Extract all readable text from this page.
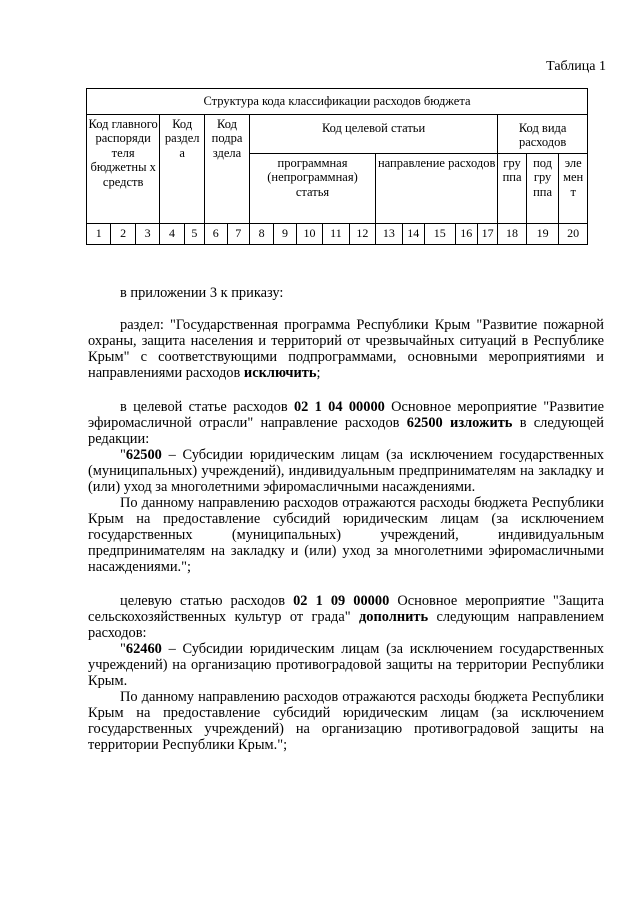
Таблица 1
Структура кода классификации расходов бюджета																			
Код главного распоряди теля бюджетны х средств			Код раздел а		Код подра здела		Код целевой статьи										Код вида расходов		
							программная (непрограммная) статья					направление расходов					гру ппа	под гру ппа	эле мен т
1	2	3	4	5	6	7	8	9	10	11	12	13	14	15	16	17	18	19	20

в приложении 3 к приказу:

раздел: "Государственная программа Республики Крым "Развитие пожарной охраны, защита населения и территорий от чрезвычайных ситуаций в Республике Крым" с соответствующими подпрограммами, основными мероприятиями и направлениями расходов исключить;

в целевой статье расходов 02 1 04 00000 Основное мероприятие "Развитие эфиромасличной отрасли" направление расходов 62500 изложить в следующей редакции:

"62500 – Субсидии юридическим лицам (за исключением государственных (муниципальных) учреждений), индивидуальным предпринимателям на закладку и (или) уход за многолетними эфиромасличными насаждениями.

По данному направлению расходов отражаются расходы бюджета Республики Крым на предоставление субсидий юридическим лицам (за исключением государственных (муниципальных) учреждений, индивидуальным предпринимателям на закладку и (или) уход за многолетними эфиромасличными насаждениями.";

целевую статью расходов 02 1 09 00000 Основное мероприятие "Защита сельскохозяйственных культур от града" дополнить следующим направлением расходов:

"62460 – Субсидии юридическим лицам (за исключением государственных учреждений) на организацию противоградовой защиты на территории Республики Крым.

По данному направлению расходов отражаются расходы бюджета Республики Крым на предоставление субсидий юридическим лицам (за исключением государственных учреждений) на организацию противоградовой защиты на территории Республики Крым.";
